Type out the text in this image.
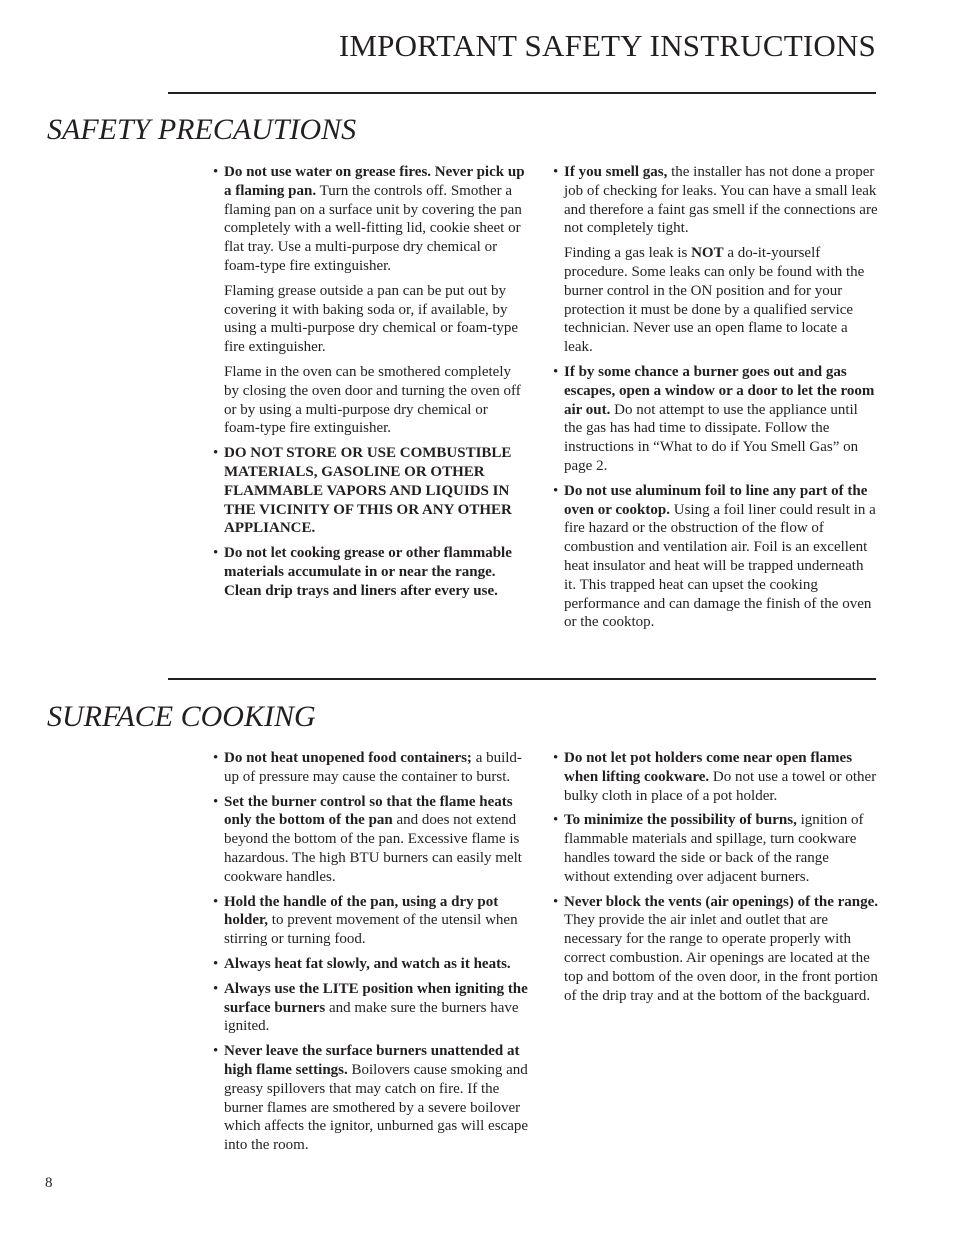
IMPORTANT SAFETY INSTRUCTIONS
SAFETY PRECAUTIONS

• Do not use water on grease fires. Never pick up a flaming pan. Turn the controls off. Smother a flaming pan on a surface unit by covering the pan completely with a well-fitting lid, cookie sheet or flat tray. Use a multi-purpose dry chemical or foam-type fire extinguisher.

Flaming grease outside a pan can be put out by covering it with baking soda or, if available, by using a multi-purpose dry chemical or foam-type fire extinguisher.

Flame in the oven can be smothered completely by closing the oven door and turning the oven off or by using a multi-purpose dry chemical or foam-type fire extinguisher.

• DO NOT STORE OR USE COMBUSTIBLE MATERIALS, GASOLINE OR OTHER FLAMMABLE VAPORS AND LIQUIDS IN THE VICINITY OF THIS OR ANY OTHER APPLIANCE.

• Do not let cooking grease or other flammable materials accumulate in or near the range. Clean drip trays and liners after every use.

• If you smell gas, the installer has not done a proper job of checking for leaks. You can have a small leak and therefore a faint gas smell if the connections are not completely tight.

Finding a gas leak is NOT a do-it-yourself procedure. Some leaks can only be found with the burner control in the ON position and for your protection it must be done by a qualified service technician. Never use an open flame to locate a leak.

• If by some chance a burner goes out and gas escapes, open a window or a door to let the room air out. Do not attempt to use the appliance until the gas has had time to dissipate. Follow the instructions in “What to do if You Smell Gas” on page 2.

• Do not use aluminum foil to line any part of the oven or cooktop. Using a foil liner could result in a fire hazard or the obstruction of the flow of combustion and ventilation air. Foil is an excellent heat insulator and heat will be trapped underneath it. This trapped heat can upset the cooking performance and can damage the finish of the oven or the cooktop.

SURFACE COOKING

• Do not heat unopened food containers; a build-up of pressure may cause the container to burst.

• Set the burner control so that the flame heats only the bottom of the pan and does not extend beyond the bottom of the pan. Excessive flame is hazardous. The high BTU burners can easily melt cookware handles.

• Hold the handle of the pan, using a dry pot holder, to prevent movement of the utensil when stirring or turning food.

• Always heat fat slowly, and watch as it heats.

• Always use the LITE position when igniting the surface burners and make sure the burners have ignited.

• Never leave the surface burners unattended at high flame settings. Boilovers cause smoking and greasy spillovers that may catch on fire. If the burner flames are smothered by a severe boilover which affects the ignitor, unburned gas will escape into the room.

• Do not let pot holders come near open flames when lifting cookware. Do not use a towel or other bulky cloth in place of a pot holder.

• To minimize the possibility of burns, ignition of flammable materials and spillage, turn cookware handles toward the side or back of the range without extending over adjacent burners.

• Never block the vents (air openings) of the range. They provide the air inlet and outlet that are necessary for the range to operate properly with correct combustion. Air openings are located at the top and bottom of the oven door, in the front portion of the drip tray and at the bottom of the backguard.

8
